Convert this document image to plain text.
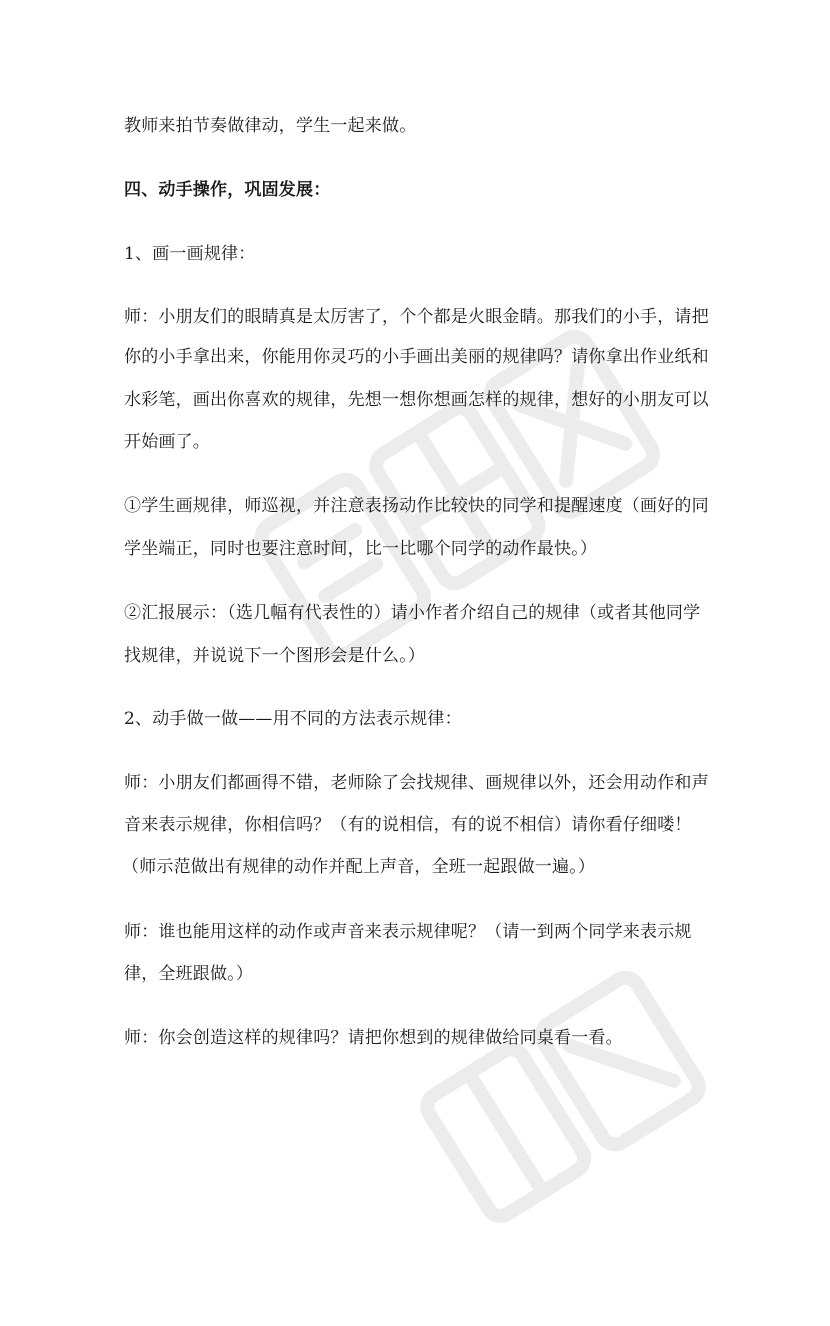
教师来拍节奏做律动，学生一起来做。
四、动手操作，巩固发展：
1、画一画规律：
师：小朋友们的眼睛真是太厉害了，个个都是火眼金睛。那我们的小手，请把
你的小手拿出来，你能用你灵巧的小手画出美丽的规律吗？请你拿出作业纸和
水彩笔，画出你喜欢的规律，先想一想你想画怎样的规律，想好的小朋友可以
开始画了。
①学生画规律，师巡视，并注意表扬动作比较快的同学和提醒速度（画好的同
学坐端正，同时也要注意时间，比一比哪个同学的动作最快。）
②汇报展示：（选几幅有代表性的）请小作者介绍自己的规律（或者其他同学
找规律，并说说下一个图形会是什么。）
2、动手做一做——用不同的方法表示规律：
师：小朋友们都画得不错，老师除了会找规律、画规律以外，还会用动作和声
音来表示规律，你相信吗？（有的说相信，有的说不相信）请你看仔细喽！
（师示范做出有规律的动作并配上声音，全班一起跟做一遍。）
师：谁也能用这样的动作或声音来表示规律呢？（请一到两个同学来表示规
律，全班跟做。）
师：你会创造这样的规律吗？请把你想到的规律做给同桌看一看。
